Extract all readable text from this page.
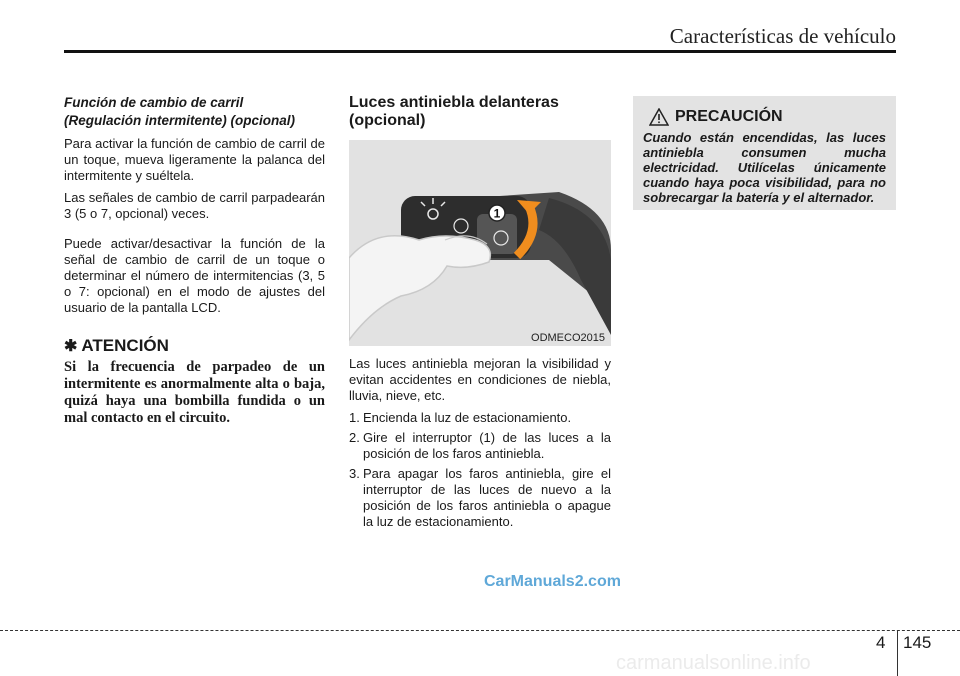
Características de vehículo
Función de cambio de carril
(Regulación intermitente) (opcional)

Para activar la función de cambio de carril de un toque, mueva ligeramente la palanca del intermitente y suéltela.

Las señales de cambio de carril parpadearán 3 (5 o 7, opcional) veces.

Puede activar/desactivar la función de la señal de cambio de carril de un toque o determinar el número de intermitencias (3, 5 o 7: opcional) en el modo de ajustes del usuario de la pantalla LCD.

✱ ATENCIÓN

Si la frecuencia de parpadeo de un intermitente es anormalmente alta o baja, quizá haya una bombilla fundida o un mal contacto en el circuito.

Luces antiniebla delanteras
(opcional)
1
ODMECO2015

Las luces antiniebla mejoran la visibilidad y evitan accidentes en condiciones de niebla, lluvia, nieve, etc.

1. Encienda la luz de estacionamiento.
2. Gire el interruptor (1) de las luces a la posición de los faros antiniebla.
3. Para apagar los faros antiniebla, gire el interruptor de las luces de nuevo a la posición de los faros antiniebla o apague la luz de estacionamiento.
PRECAUCIÓN

Cuando están encendidas, las luces antiniebla consumen mucha electricidad. Utilícelas únicamente cuando haya poca visibilidad, para no sobrecargar la batería y el alternador.

CarManuals2.com
4 145
carmanualsonline.info
